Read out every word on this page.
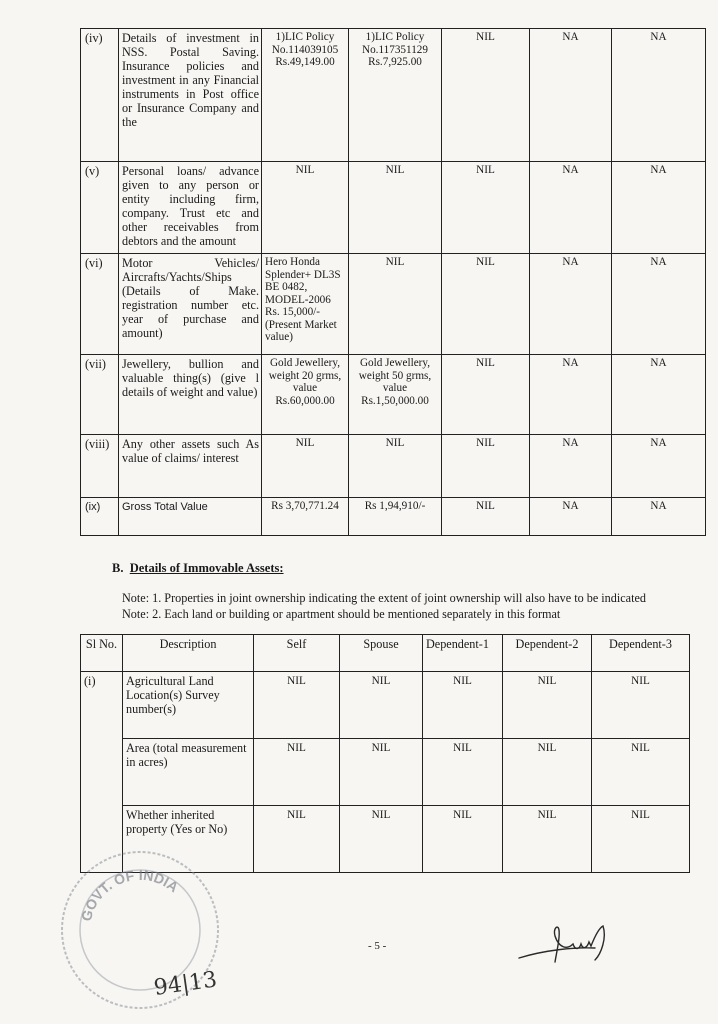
(iv)	Details of investment in NSS. Postal Saving. Insurance policies and investment in any Financial instruments in Post office or Insurance Company and the	1)LIC Policy No.114039105 Rs.49,149.00	1)LIC Policy No.117351129 Rs.7,925.00	NIL	NA	NA
(v)	Personal loans/ advance given to any person or entity including firm, company. Trust etc and other receivables from debtors and the amount	NIL	NIL	NIL	NA	NA
(vi)	Motor Vehicles/ Aircrafts/Yachts/Ships (Details of Make. registration number etc. year of purchase and amount)	Hero Honda Splender+ DL3S BE 0482, MODEL-2006 Rs. 15,000/- (Present Market value)	NIL	NIL	NA	NA
(vii)	Jewellery, bullion and valuable thing(s) (give l details of weight and value)	Gold Jewellery, weight 20 grms, value Rs.60,000.00	Gold Jewellery, weight 50 grms, value Rs.1,50,000.00	NIL	NA	NA
(viii)	Any other assets such As value of claims/ interest	NIL	NIL	NIL	NA	NA
(ix)	Gross Total Value	Rs 3,70,771.24	Rs 1,94,910/-	NIL	NA	NA
B. Details of Immovable Assets:
Note: 1. Properties in joint ownership indicating the extent of joint ownership will also have to be indicated
Note: 2. Each land or building or apartment should be mentioned separately in this format
Sl No.	Description	Self	Spouse	Dependent-1	Dependent-2	Dependent-3
(i)	Agricultural Land Location(s) Survey number(s)	NIL	NIL	NIL	NIL	NIL
	Area (total measurement in acres)	NIL	NIL	NIL	NIL	NIL
	Whether inherited property (Yes or No)	NIL	NIL	NIL	NIL	NIL
GOVT. OF INDIA
94|13
- 5 -
